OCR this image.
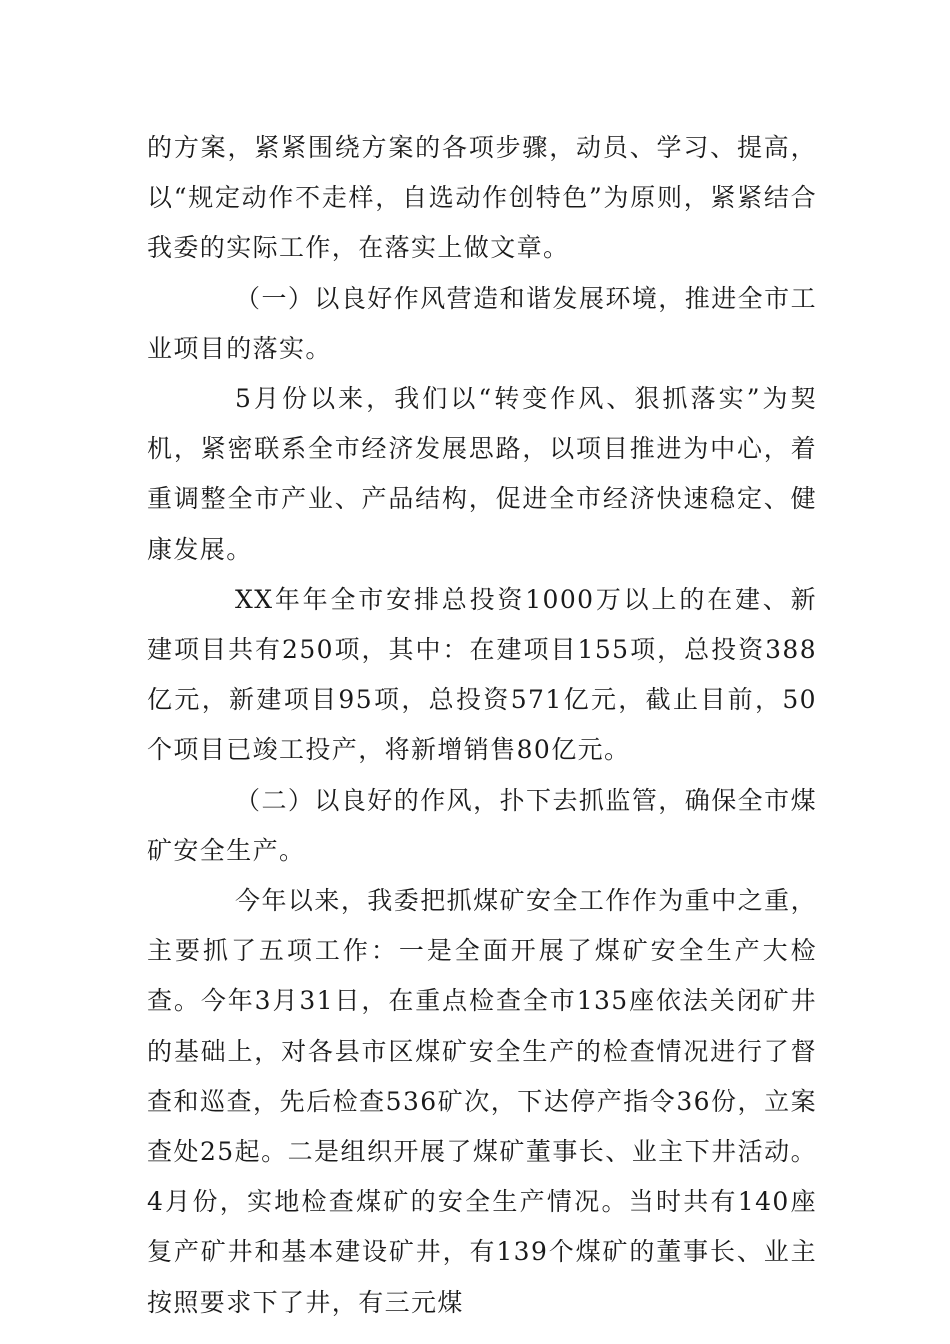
的方案，紧紧围绕方案的各项步骤，动员、学习、提高，以“规定动作不走样，自选动作创特色”为原则，紧紧结合我委的实际工作，在落实上做文章。

（一）以良好作风营造和谐发展环境，推进全市工业项目的落实。

5月份以来，我们以“转变作风、狠抓落实”为契机，紧密联系全市经济发展思路，以项目推进为中心，着重调整全市产业、产品结构，促进全市经济快速稳定、健康发展。

XX年年全市安排总投资1000万以上的在建、新建项目共有250项，其中：在建项目155项，总投资388亿元，新建项目95项，总投资571亿元，截止目前，50个项目已竣工投产，将新增销售80亿元。

（二）以良好的作风，扑下去抓监管，确保全市煤矿安全生产。

今年以来，我委把抓煤矿安全工作作为重中之重，主要抓了五项工作：一是全面开展了煤矿安全生产大检查。今年3月31日，在重点检查全市135座依法关闭矿井的基础上，对各县市区煤矿安全生产的检查情况进行了督查和巡查，先后检查536矿次，下达停产指令36份，立案查处25起。二是组织开展了煤矿董事长、业主下井活动。4月份，实地检查煤矿的安全生产情况。当时共有140座复产矿井和基本建设矿井，有139个煤矿的董事长、业主按照要求下了井，有三元煤
